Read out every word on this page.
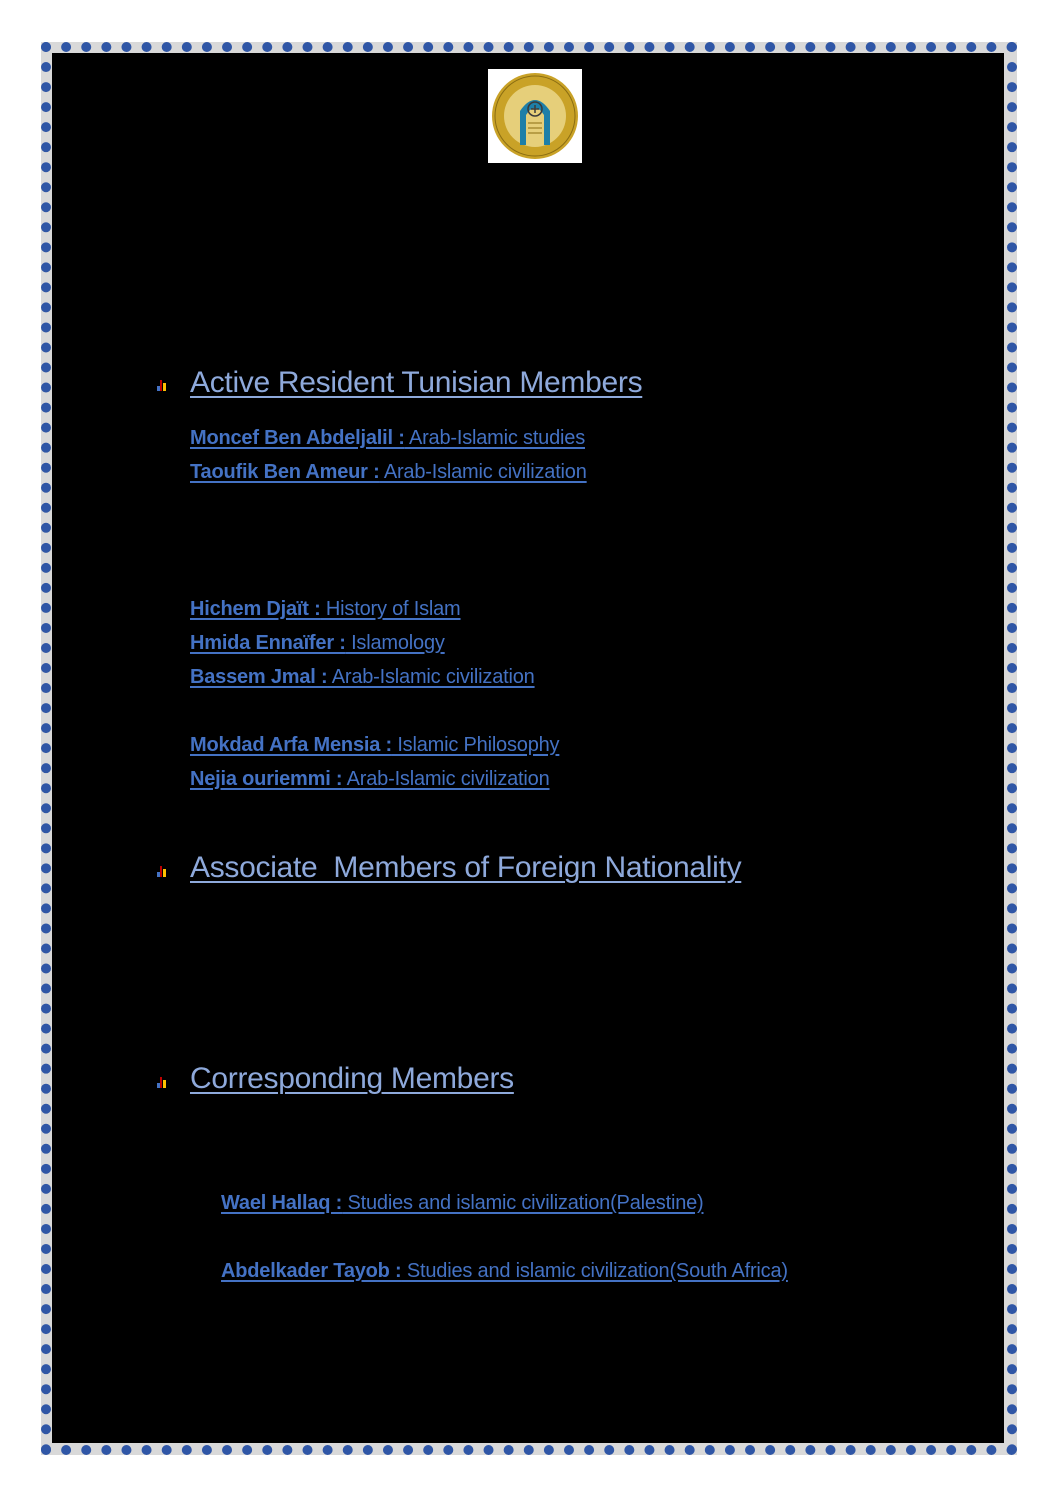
Active Resident Tunisian Members
Moncef Ben Abdeljalil : Arab-Islamic studies
Taoufik Ben Ameur : Arab-Islamic civilization
Hichem Djaït : History of Islam
Hmida Ennaïfer : Islamology
Bassem Jmal : Arab-Islamic civilization
Mokdad Arfa Mensia : Islamic Philosophy
Nejia ouriemmi : Arab-Islamic civilization
Associate  Members of Foreign Nationality
Corresponding Members
Wael Hallaq : Studies and islamic civilization(Palestine)
Abdelkader Tayob : Studies and islamic civilization(South Africa)
